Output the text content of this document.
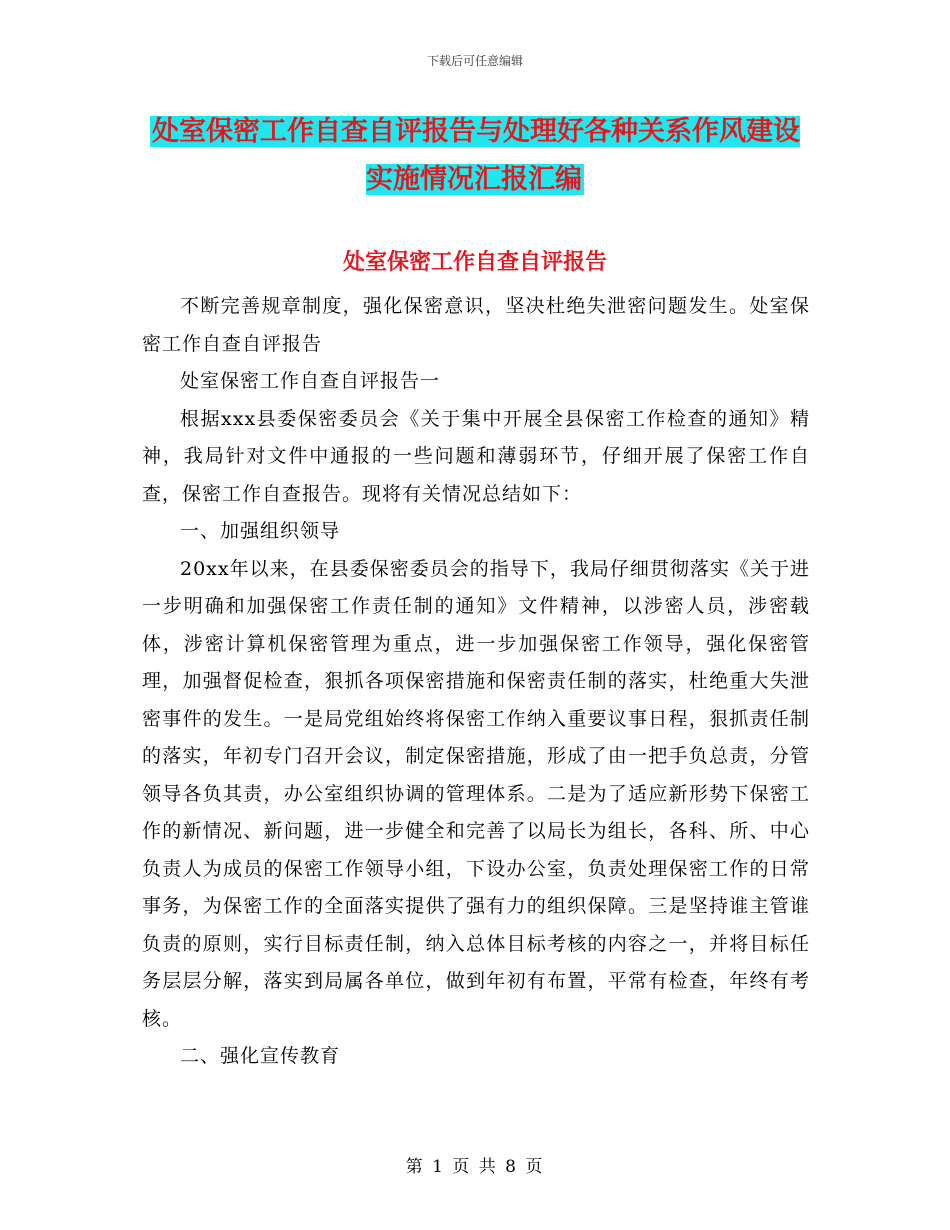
下载后可任意编辑
处室保密工作自查自评报告与处理好各种关系作风建设实施情况汇报汇编
处室保密工作自查自评报告

不断完善规章制度，强化保密意识，坚决杜绝失泄密问题发生。处室保密工作自查自评报告

处室保密工作自查自评报告一

根据xxx县委保密委员会《关于集中开展全县保密工作检查的通知》精神，我局针对文件中通报的一些问题和薄弱环节，仔细开展了保密工作自查，保密工作自查报告。现将有关情况总结如下：

一、加强组织领导

20xx年以来，在县委保密委员会的指导下，我局仔细贯彻落实《关于进一步明确和加强保密工作责任制的通知》文件精神，以涉密人员，涉密载体，涉密计算机保密管理为重点，进一步加强保密工作领导，强化保密管理，加强督促检查，狠抓各项保密措施和保密责任制的落实，杜绝重大失泄密事件的发生。一是局党组始终将保密工作纳入重要议事日程，狠抓责任制的落实，年初专门召开会议，制定保密措施，形成了由一把手负总责，分管领导各负其责，办公室组织协调的管理体系。二是为了适应新形势下保密工作的新情况、新问题，进一步健全和完善了以局长为组长，各科、所、中心负责人为成员的保密工作领导小组，下设办公室，负责处理保密工作的日常事务，为保密工作的全面落实提供了强有力的组织保障。三是坚持谁主管谁负责的原则，实行目标责任制，纳入总体目标考核的内容之一，并将目标任务层层分解，落实到局属各单位，做到年初有布置，平常有检查，年终有考核。

二、强化宣传教育

第 1 页 共 8 页
